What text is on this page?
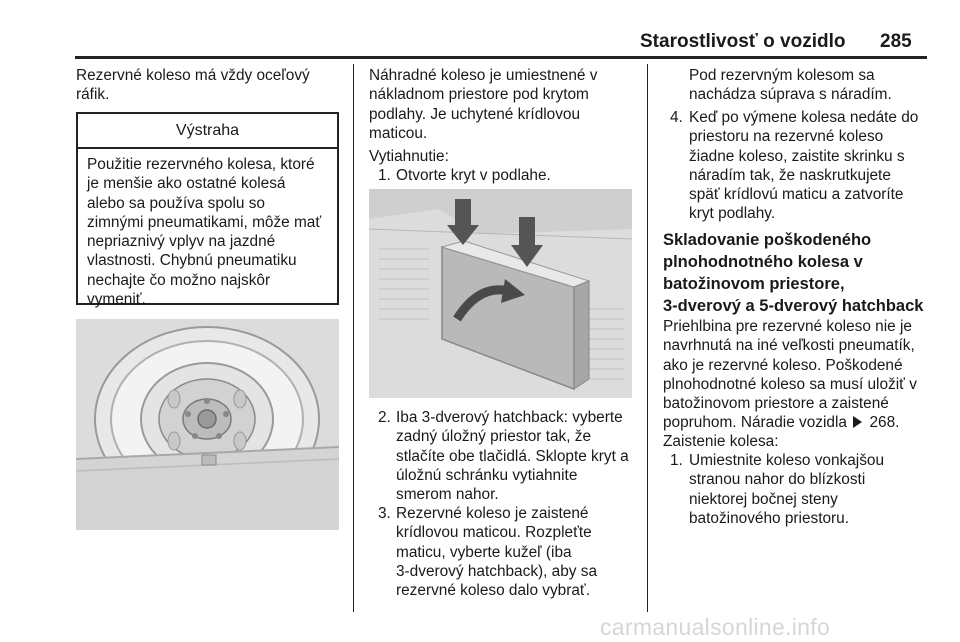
Starostlivosť o vozidlo 285
Rezervné koleso má vždy oceľový
ráfik.
Výstraha
Použitie rezervného kolesa, ktoré
je menšie ako ostatné kolesá
alebo sa používa spolu so
zimnými pneumatikami, môže mať
nepriaznivý vplyv na jazdné
vlastnosti. Chybnú pneumatiku
nechajte čo možno najskôr
vymeniť.
Náhradné koleso je umiestnené v
nákladnom priestore pod krytom
podlahy. Je uchytené krídlovou
maticou.
Vytiahnutie:
1. Otvorte kryt v podlahe.
2. Iba 3-dverový hatchback: vyberte
zadný úložný priestor tak, že
stlačíte obe tlačidlá. Sklopte kryt a
úložnú schránku vytiahnite
smerom nahor.
3. Rezervné koleso je zaistené
krídlovou maticou. Rozpleťte
maticu, vyberte kužeľ (iba
3-dverový hatchback), aby sa
rezervné koleso dalo vybrať.
Pod rezervným kolesom sa
nachádza súprava s náradím.
4. Keď po výmene kolesa nedáte do
priestoru na rezervné koleso
žiadne koleso, zaistite skrinku s
náradím tak, že naskrutkujete
späť krídlovú maticu a zatvoríte
kryt podlahy.
Skladovanie poškodeného
plnohodnotného kolesa v
batožinovom priestore,
3-dverový a 5-dverový hatchback
Priehlbina pre rezervné koleso nie je
navrhnutá na iné veľkosti pneumatík,
ako je rezervné koleso. Poškodené
plnohodnotné koleso sa musí uložiť v
batožinovom priestore a zaistené
popruhom. Náradie vozidla 268.
Zaistenie kolesa:
1. Umiestnite koleso vonkajšou
stranou nahor do blízkosti
niektorej bočnej steny
batožinového priestoru.
carmanualsonline.info
